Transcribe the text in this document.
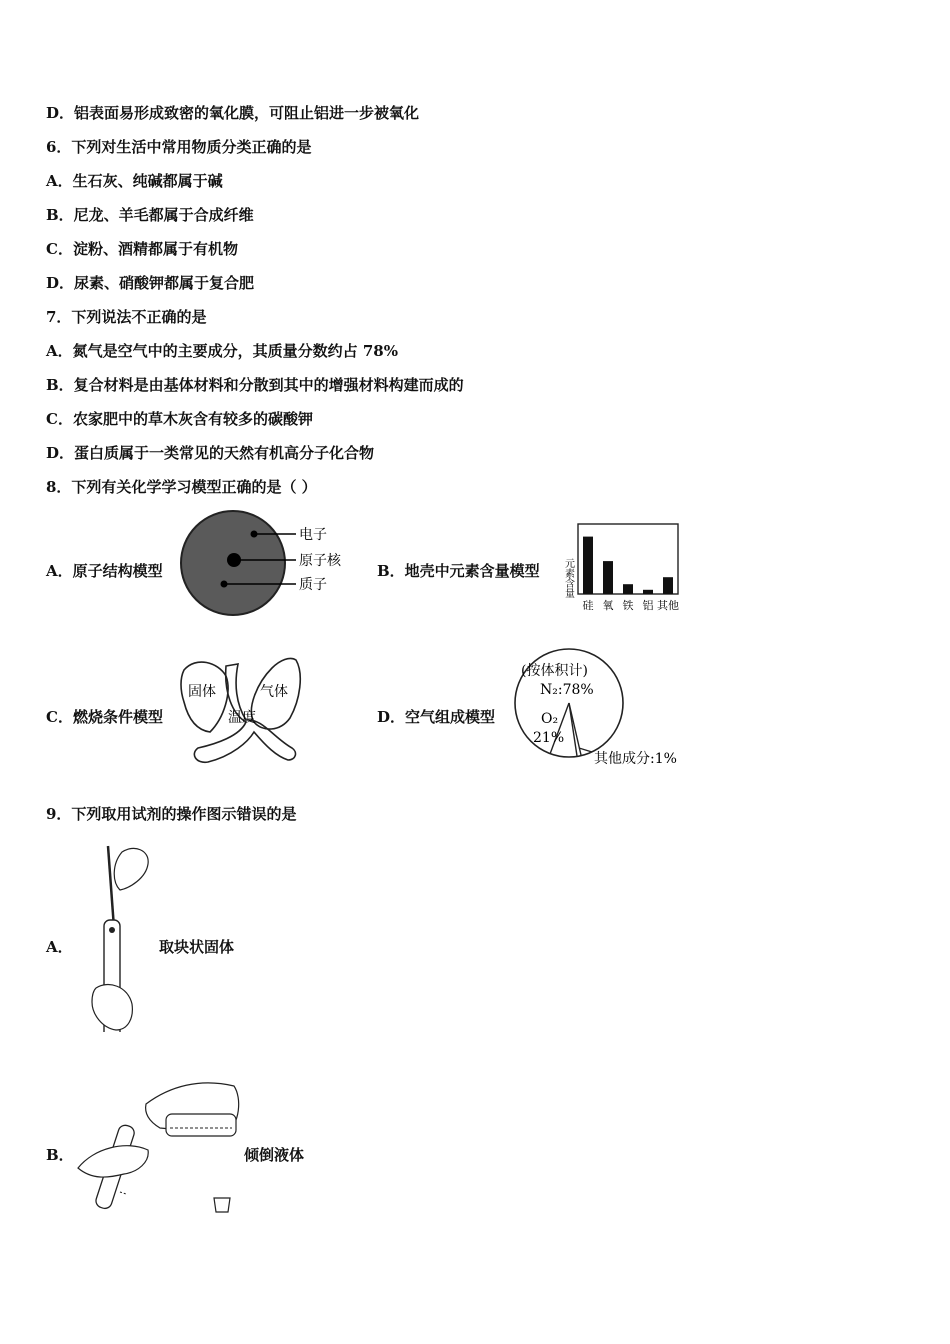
D．铝表面易形成致密的氧化膜，可阻止铝进一步被氧化
6．下列对生活中常用物质分类正确的是
A．生石灰、纯碱都属于碱
B．尼龙、羊毛都属于合成纤维
C．淀粉、酒精都属于有机物
D．尿素、硝酸钾都属于复合肥
7．下列说法不正确的是
A．氮气是空气中的主要成分，其质量分数约占 78%
B．复合材料是由基体材料和分散到其中的增强材料构建而成的
C．农家肥中的草木灰含有较多的碳酸钾
D．蛋白质属于一类常见的天然有机高分子化合物
8．下列有关化学学习模型正确的是（ ）
A．原子结构模型
电子
原子核
质子
B．地壳中元素含量模型 元素含量
硅 氧 铁 铝 其他
C．燃烧条件模型
固体	气体
温度	D．空气组成模型
(按体积计)
N₂:78%
O₂
21%
其他成分:1%
9．下列取用试剂的操作图示错误的是
A．	取块状固体
B．	倾倒液体
